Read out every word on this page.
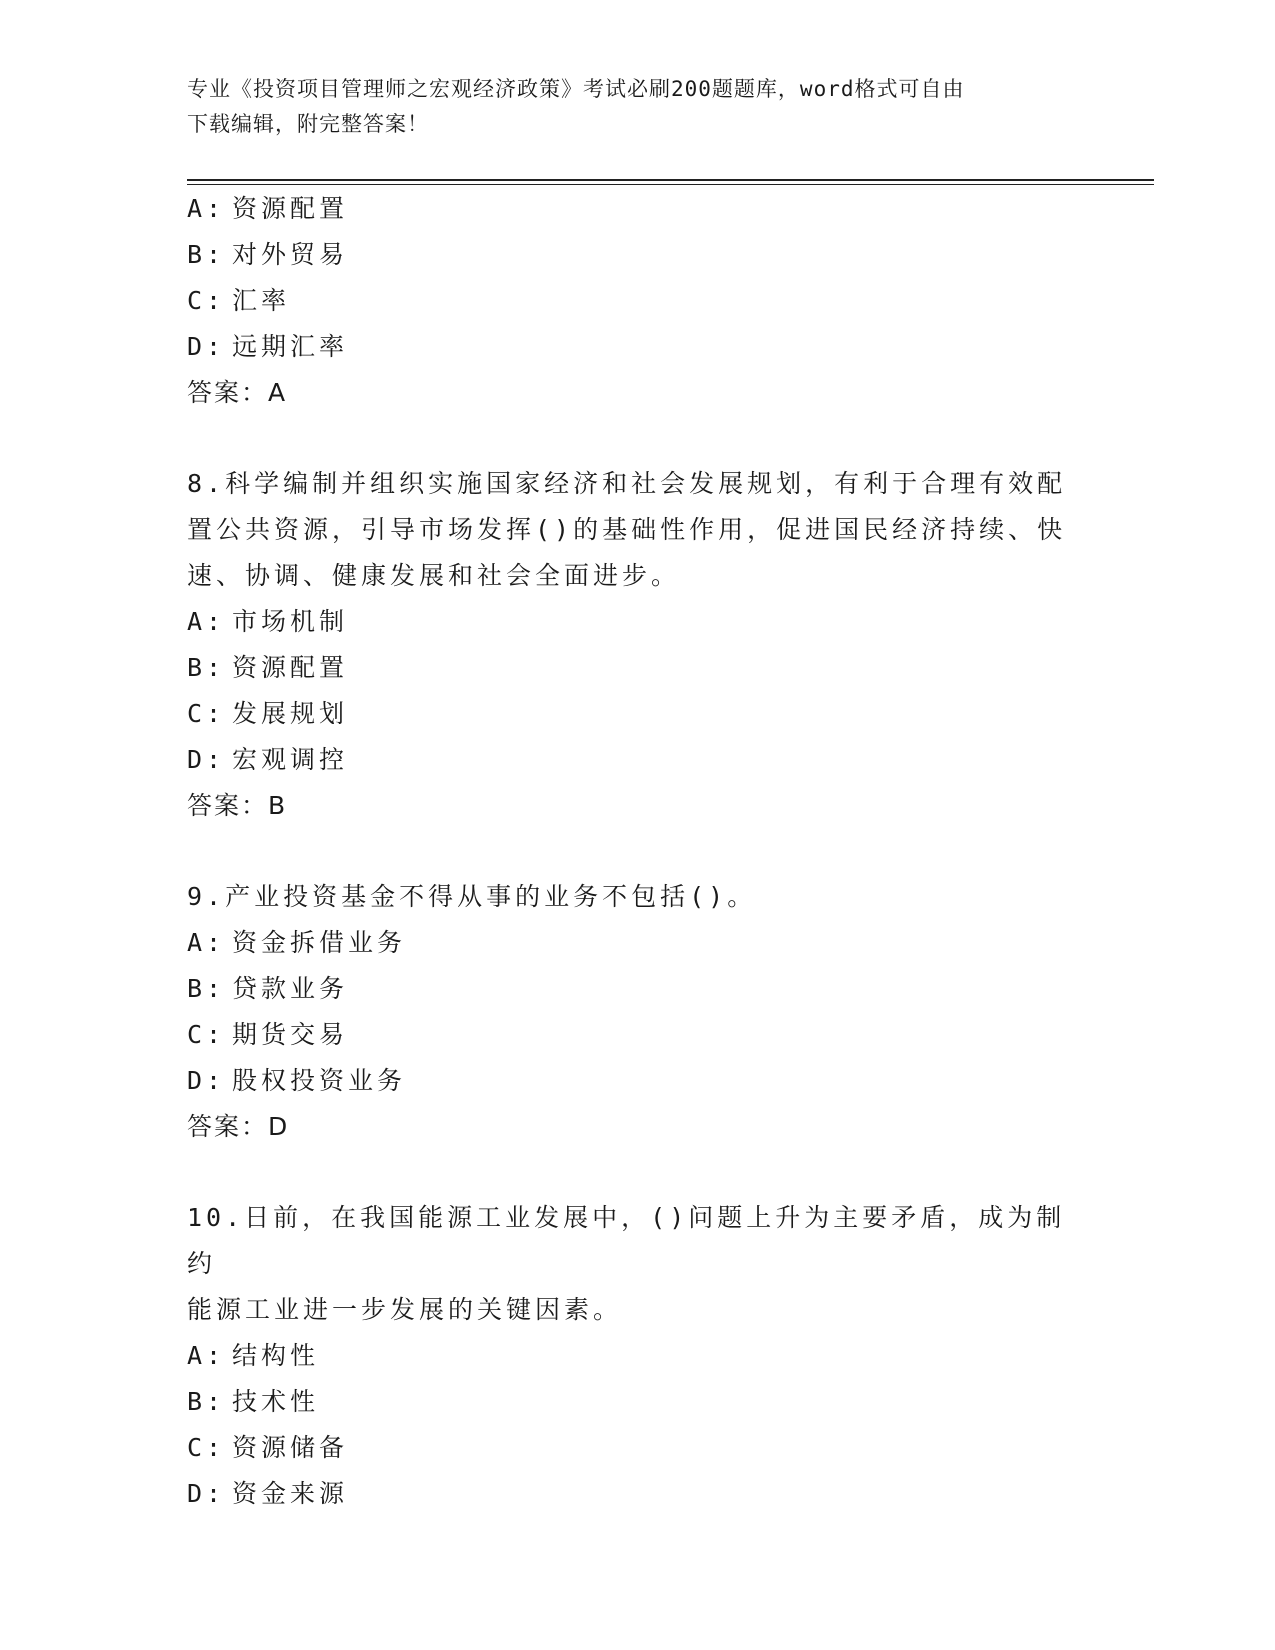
专业《投资项目管理师之宏观经济政策》考试必刷200题题库，word格式可自由
下载编辑，附完整答案！
A: 资源配置
B: 对外贸易
C: 汇率
D: 远期汇率
答案：A
8.科学编制并组织实施国家经济和社会发展规划，有利于合理有效配
置公共资源，引导市场发挥()的基础性作用，促进国民经济持续、快
速、协调、健康发展和社会全面进步。
A: 市场机制
B: 资源配置
C: 发展规划
D: 宏观调控
答案：B
9.产业投资基金不得从事的业务不包括()。
A: 资金拆借业务
B: 贷款业务
C: 期货交易
D: 股权投资业务
答案：D
10.日前，在我国能源工业发展中，()问题上升为主要矛盾，成为制约
能源工业进一步发展的关键因素。
A: 结构性
B: 技术性
C: 资源储备
D: 资金来源
